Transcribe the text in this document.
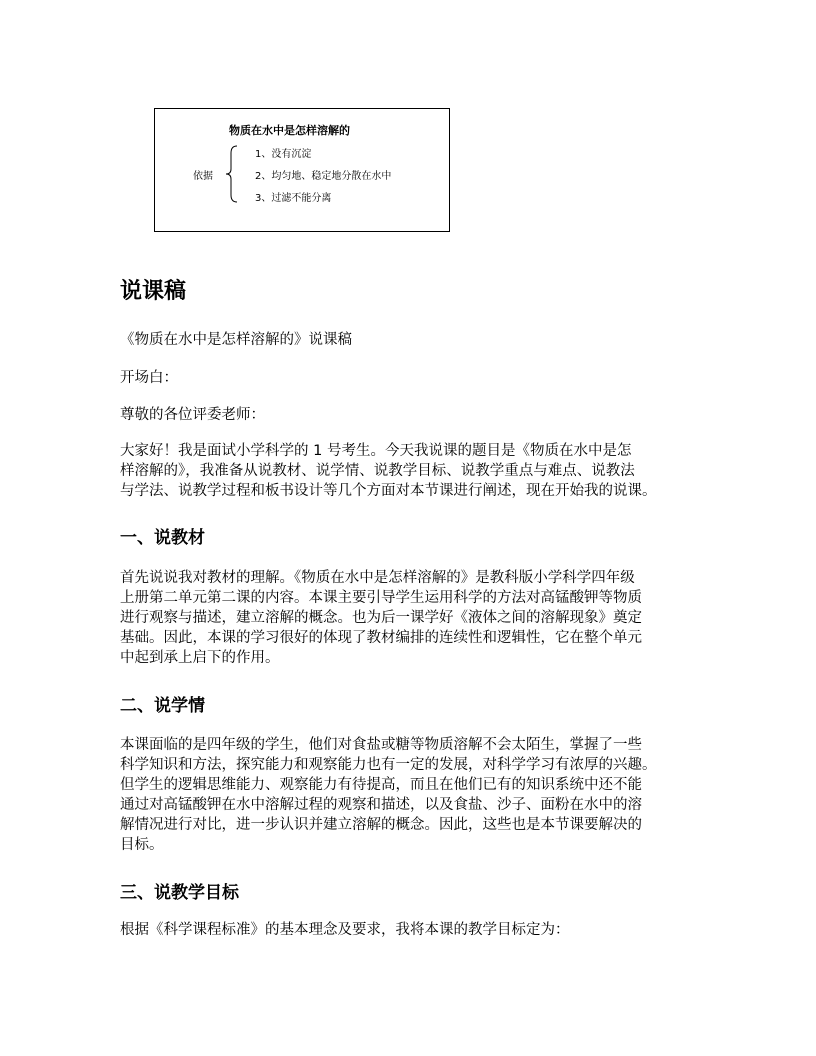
物质在水中是怎样溶解的
依据
1、没有沉淀
2、均匀地、稳定地分散在水中
3、过滤不能分离
说课稿
《物质在水中是怎样溶解的》说课稿
开场白：
尊敬的各位评委老师：
大家好！我是面试小学科学的 1 号考生。今天我说课的题目是《物质在水中是怎
样溶解的》，我准备从说教材、说学情、说教学目标、说教学重点与难点、说教法
与学法、说教学过程和板书设计等几个方面对本节课进行阐述，现在开始我的说课。
一、说教材
首先说说我对教材的理解。《物质在水中是怎样溶解的》是教科版小学科学四年级
上册第二单元第二课的内容。本课主要引导学生运用科学的方法对高锰酸钾等物质
进行观察与描述，建立溶解的概念。也为后一课学好《液体之间的溶解现象》奠定
基础。因此，本课的学习很好的体现了教材编排的连续性和逻辑性，它在整个单元
中起到承上启下的作用。
二、说学情
本课面临的是四年级的学生，他们对食盐或糖等物质溶解不会太陌生，掌握了一些
科学知识和方法，探究能力和观察能力也有一定的发展，对科学学习有浓厚的兴趣。
但学生的逻辑思维能力、观察能力有待提高，而且在他们已有的知识系统中还不能
通过对高锰酸钾在水中溶解过程的观察和描述，以及食盐、沙子、面粉在水中的溶
解情况进行对比，进一步认识并建立溶解的概念。因此，这些也是本节课要解决的
目标。
三、说教学目标
根据《科学课程标准》的基本理念及要求，我将本课的教学目标定为：
